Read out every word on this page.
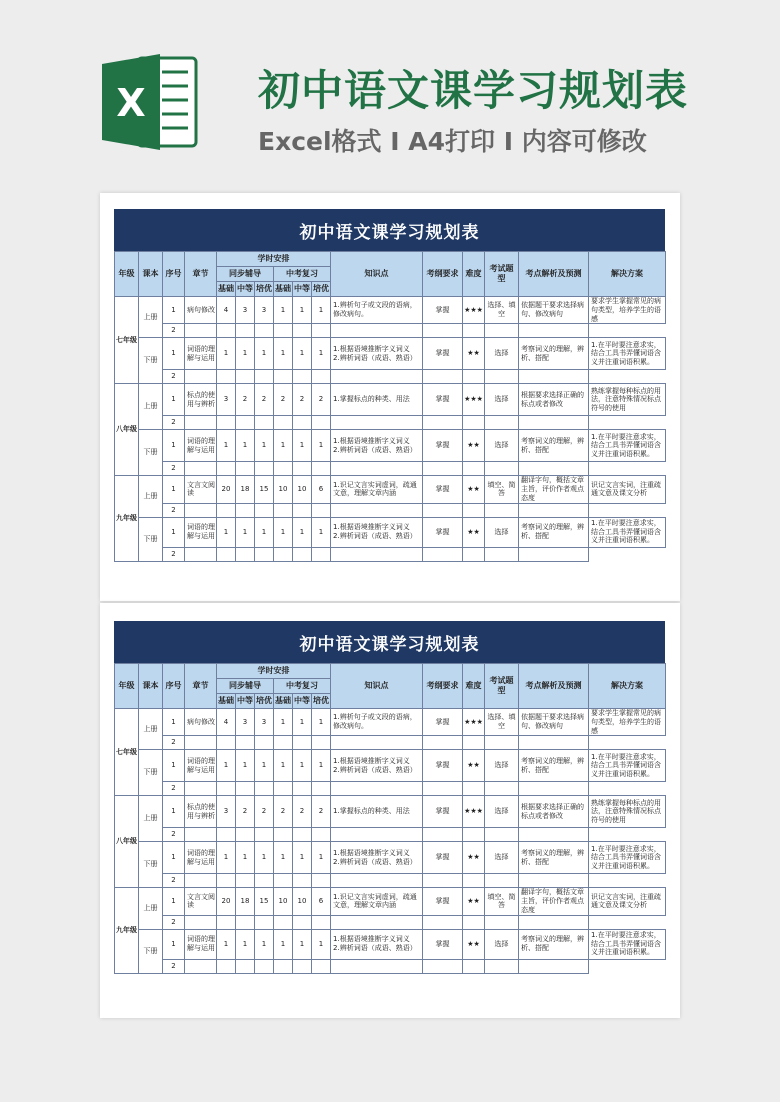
X	初中语文课学习规划表
Excel格式 Ⅰ A4打印 Ⅰ 内容可修改
初中语文课学习规划表
年级	课本	序号	章节	学时安排						知识点	考纲要求	难度	考试题型	考点解析及预测	解决方案
				同步辅导			中考复习								
				基础	中等	培优	基础	中等	培优						
七年级	上册	1	病句修改	4	3	3	1	1	1	1.辨析句子或文段的语病，修改病句。	掌握	★★★	选择、填空	依据题干要求选择病句、修改病句	要求学生掌握常见的病句类型，培养学生的语感
		2													
	下册	1	词语的理解与运用	1	1	1	1	1	1	1.根据语境推断字义词义
2.辨析词语（成语、熟语）	掌握	★★	选择	考察词义的理解，辨析、搭配	1.在平时要注意求实，结合工具书弄懂词语含义并注重词语积累。
		2													
八年级	上册	1	标点的使用与辨析	3	2	2	2	2	2	1.掌握标点的种类、用法	掌握	★★★	选择	根据要求选择正确的标点或者修改	熟练掌握每种标点的用法，注意特殊情况标点符号的使用
		2													
	下册	1	词语的理解与运用	1	1	1	1	1	1	1.根据语境推断字义词义
2.辨析词语（成语、熟语）	掌握	★★	选择	考察词义的理解，辨析、搭配	1.在平时要注意求实，结合工具书弄懂词语含义并注重词语积累。
		2													
九年级	上册	1	文言文阅读	20	18	15	10	10	6	1.识记文言实词虚词，疏通文意，理解文章内涵	掌握	★★	填空、简答	翻译字句，概括文章主旨，评价作者观点态度	识记文言实词，注重疏通文意及课文分析
		2													
	下册	1	词语的理解与运用	1	1	1	1	1	1	1.根据语境推断字义词义
2.辨析词语（成语、熟语）	掌握	★★	选择	考察词义的理解，辨析、搭配	1.在平时要注意求实，结合工具书弄懂词语含义并注重词语积累。
		2													
初中语文课学习规划表
年级	课本	序号	章节	学时安排						知识点	考纲要求	难度	考试题型	考点解析及预测	解决方案
				同步辅导			中考复习								
				基础	中等	培优	基础	中等	培优						
七年级	上册	1	病句修改	4	3	3	1	1	1	1.辨析句子或文段的语病，修改病句。	掌握	★★★	选择、填空	依据题干要求选择病句、修改病句	要求学生掌握常见的病句类型，培养学生的语感
		2													
	下册	1	词语的理解与运用	1	1	1	1	1	1	1.根据语境推断字义词义
2.辨析词语（成语、熟语）	掌握	★★	选择	考察词义的理解，辨析、搭配	1.在平时要注意求实，结合工具书弄懂词语含义并注重词语积累。
		2													
八年级	上册	1	标点的使用与辨析	3	2	2	2	2	2	1.掌握标点的种类、用法	掌握	★★★	选择	根据要求选择正确的标点或者修改	熟练掌握每种标点的用法，注意特殊情况标点符号的使用
		2													
	下册	1	词语的理解与运用	1	1	1	1	1	1	1.根据语境推断字义词义
2.辨析词语（成语、熟语）	掌握	★★	选择	考察词义的理解，辨析、搭配	1.在平时要注意求实，结合工具书弄懂词语含义并注重词语积累。
		2													
九年级	上册	1	文言文阅读	20	18	15	10	10	6	1.识记文言实词虚词，疏通文意，理解文章内涵	掌握	★★	填空、简答	翻译字句，概括文章主旨，评价作者观点态度	识记文言实词，注重疏通文意及课文分析
		2													
	下册	1	词语的理解与运用	1	1	1	1	1	1	1.根据语境推断字义词义
2.辨析词语（成语、熟语）	掌握	★★	选择	考察词义的理解，辨析、搭配	1.在平时要注意求实，结合工具书弄懂词语含义并注重词语积累。
		2													
